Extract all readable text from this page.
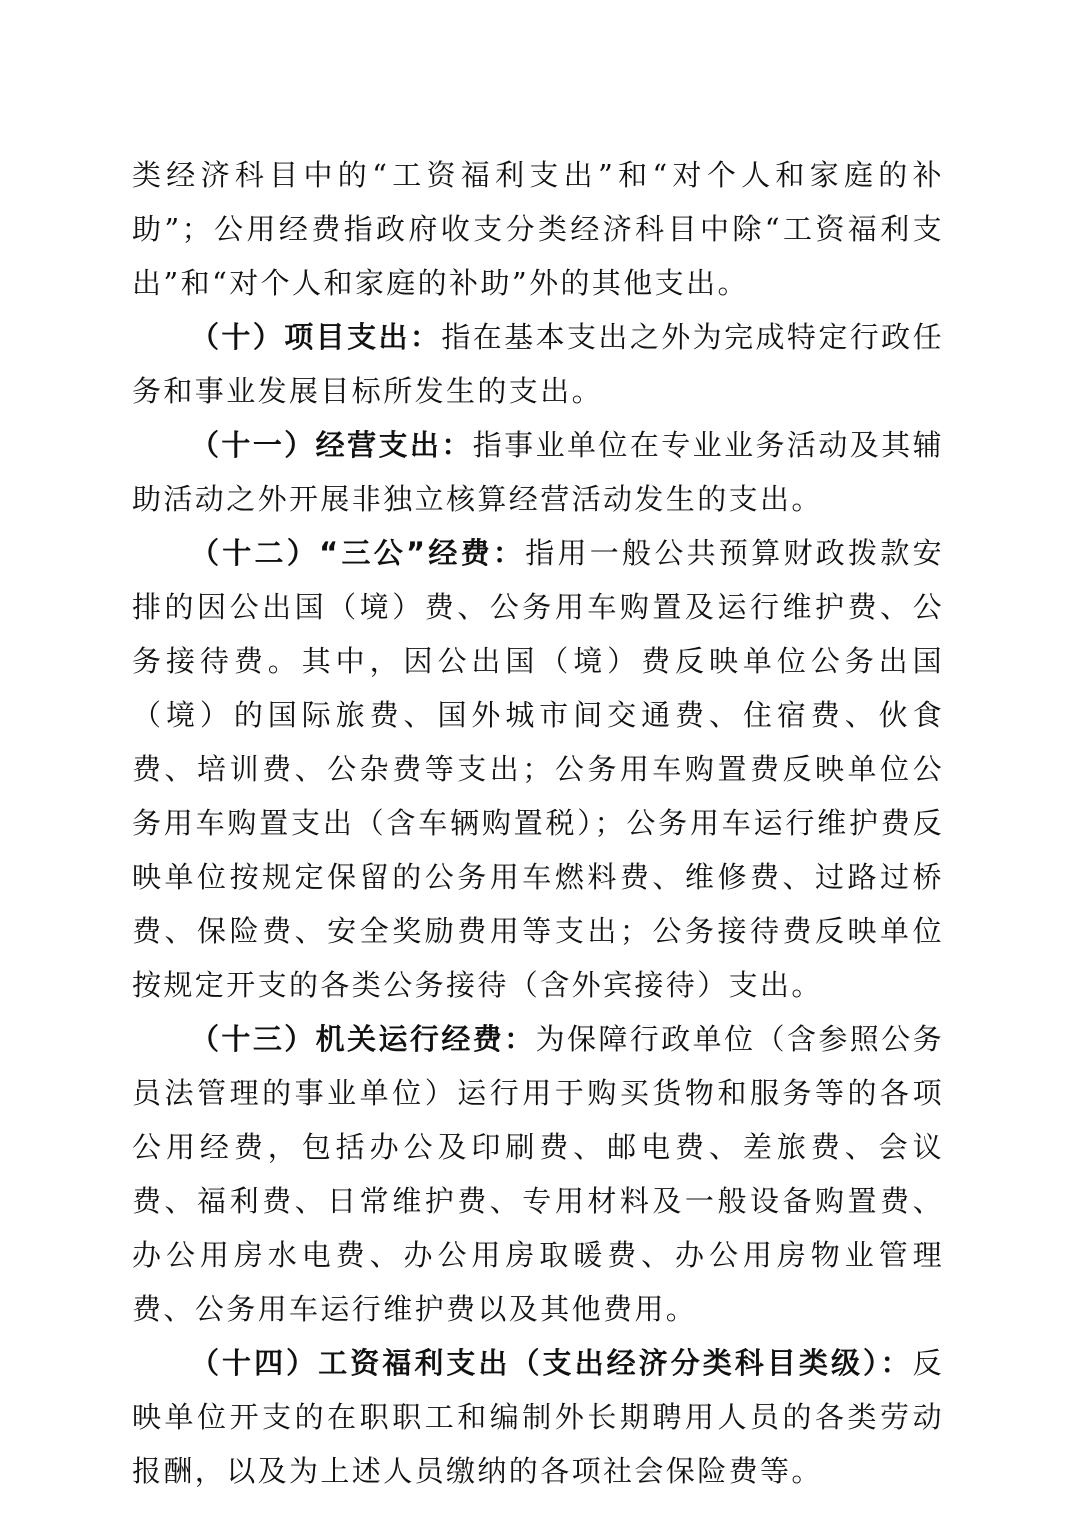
类经济科目中的“工资福利支出”和“对个人和家庭的补助”；公用经费指政府收支分类经济科目中除“工资福利支出”和“对个人和家庭的补助”外的其他支出。

（十）项目支出：指在基本支出之外为完成特定行政任务和事业发展目标所发生的支出。

（十一）经营支出：指事业单位在专业业务活动及其辅助活动之外开展非独立核算经营活动发生的支出。

（十二）“三公”经费：指用一般公共预算财政拨款安排的因公出国（境）费、公务用车购置及运行维护费、公务接待费。其中，因公出国（境）费反映单位公务出国（境）的国际旅费、国外城市间交通费、住宿费、伙食费、培训费、公杂费等支出；公务用车购置费反映单位公务用车购置支出（含车辆购置税）；公务用车运行维护费反映单位按规定保留的公务用车燃料费、维修费、过路过桥费、保险费、安全奖励费用等支出；公务接待费反映单位按规定开支的各类公务接待（含外宾接待）支出。

（十三）机关运行经费：为保障行政单位（含参照公务员法管理的事业单位）运行用于购买货物和服务等的各项公用经费，包括办公及印刷费、邮电费、差旅费、会议费、福利费、日常维护费、专用材料及一般设备购置费、办公用房水电费、办公用房取暖费、办公用房物业管理费、公务用车运行维护费以及其他费用。

（十四）工资福利支出（支出经济分类科目类级）：反映单位开支的在职职工和编制外长期聘用人员的各类劳动报酬，以及为上述人员缴纳的各项社会保险费等。
